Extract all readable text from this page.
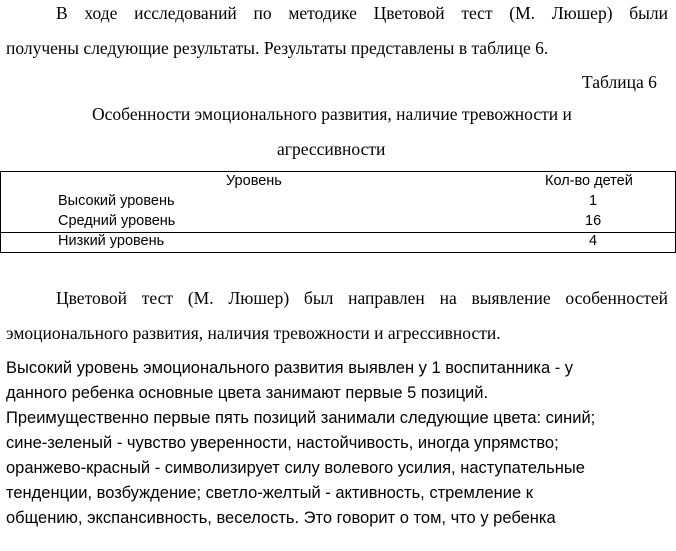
В ходе исследований по методике Цветовой тест (М. Люшер) были
получены следующие результаты. Результаты представлены в таблице 6.
Таблица 6
Особенности эмоционального развития, наличие тревожности и
агрессивности
Уровень	Кол-во детей
Высокий уровень	1
Средний уровень	16
Низкий уровень	4
Цветовой тест (М. Люшер) был направлен на выявление особенностей
эмоционального развития, наличия тревожности и агрессивности.
Высокий уровень эмоционального развития выявлен у 1 воспитанника - у
данного ребенка основные цвета занимают первые 5 позиций.
Преимущественно первые пять позиций занимали следующие цвета: синий;
сине-зеленый - чувство уверенности, настойчивость, иногда упрямство;
оранжево-красный - символизирует силу волевого усилия, наступательные
тенденции, возбуждение; светло-желтый - активность, стремление к
общению, экспансивность, веселость. Это говорит о том, что у ребенка
